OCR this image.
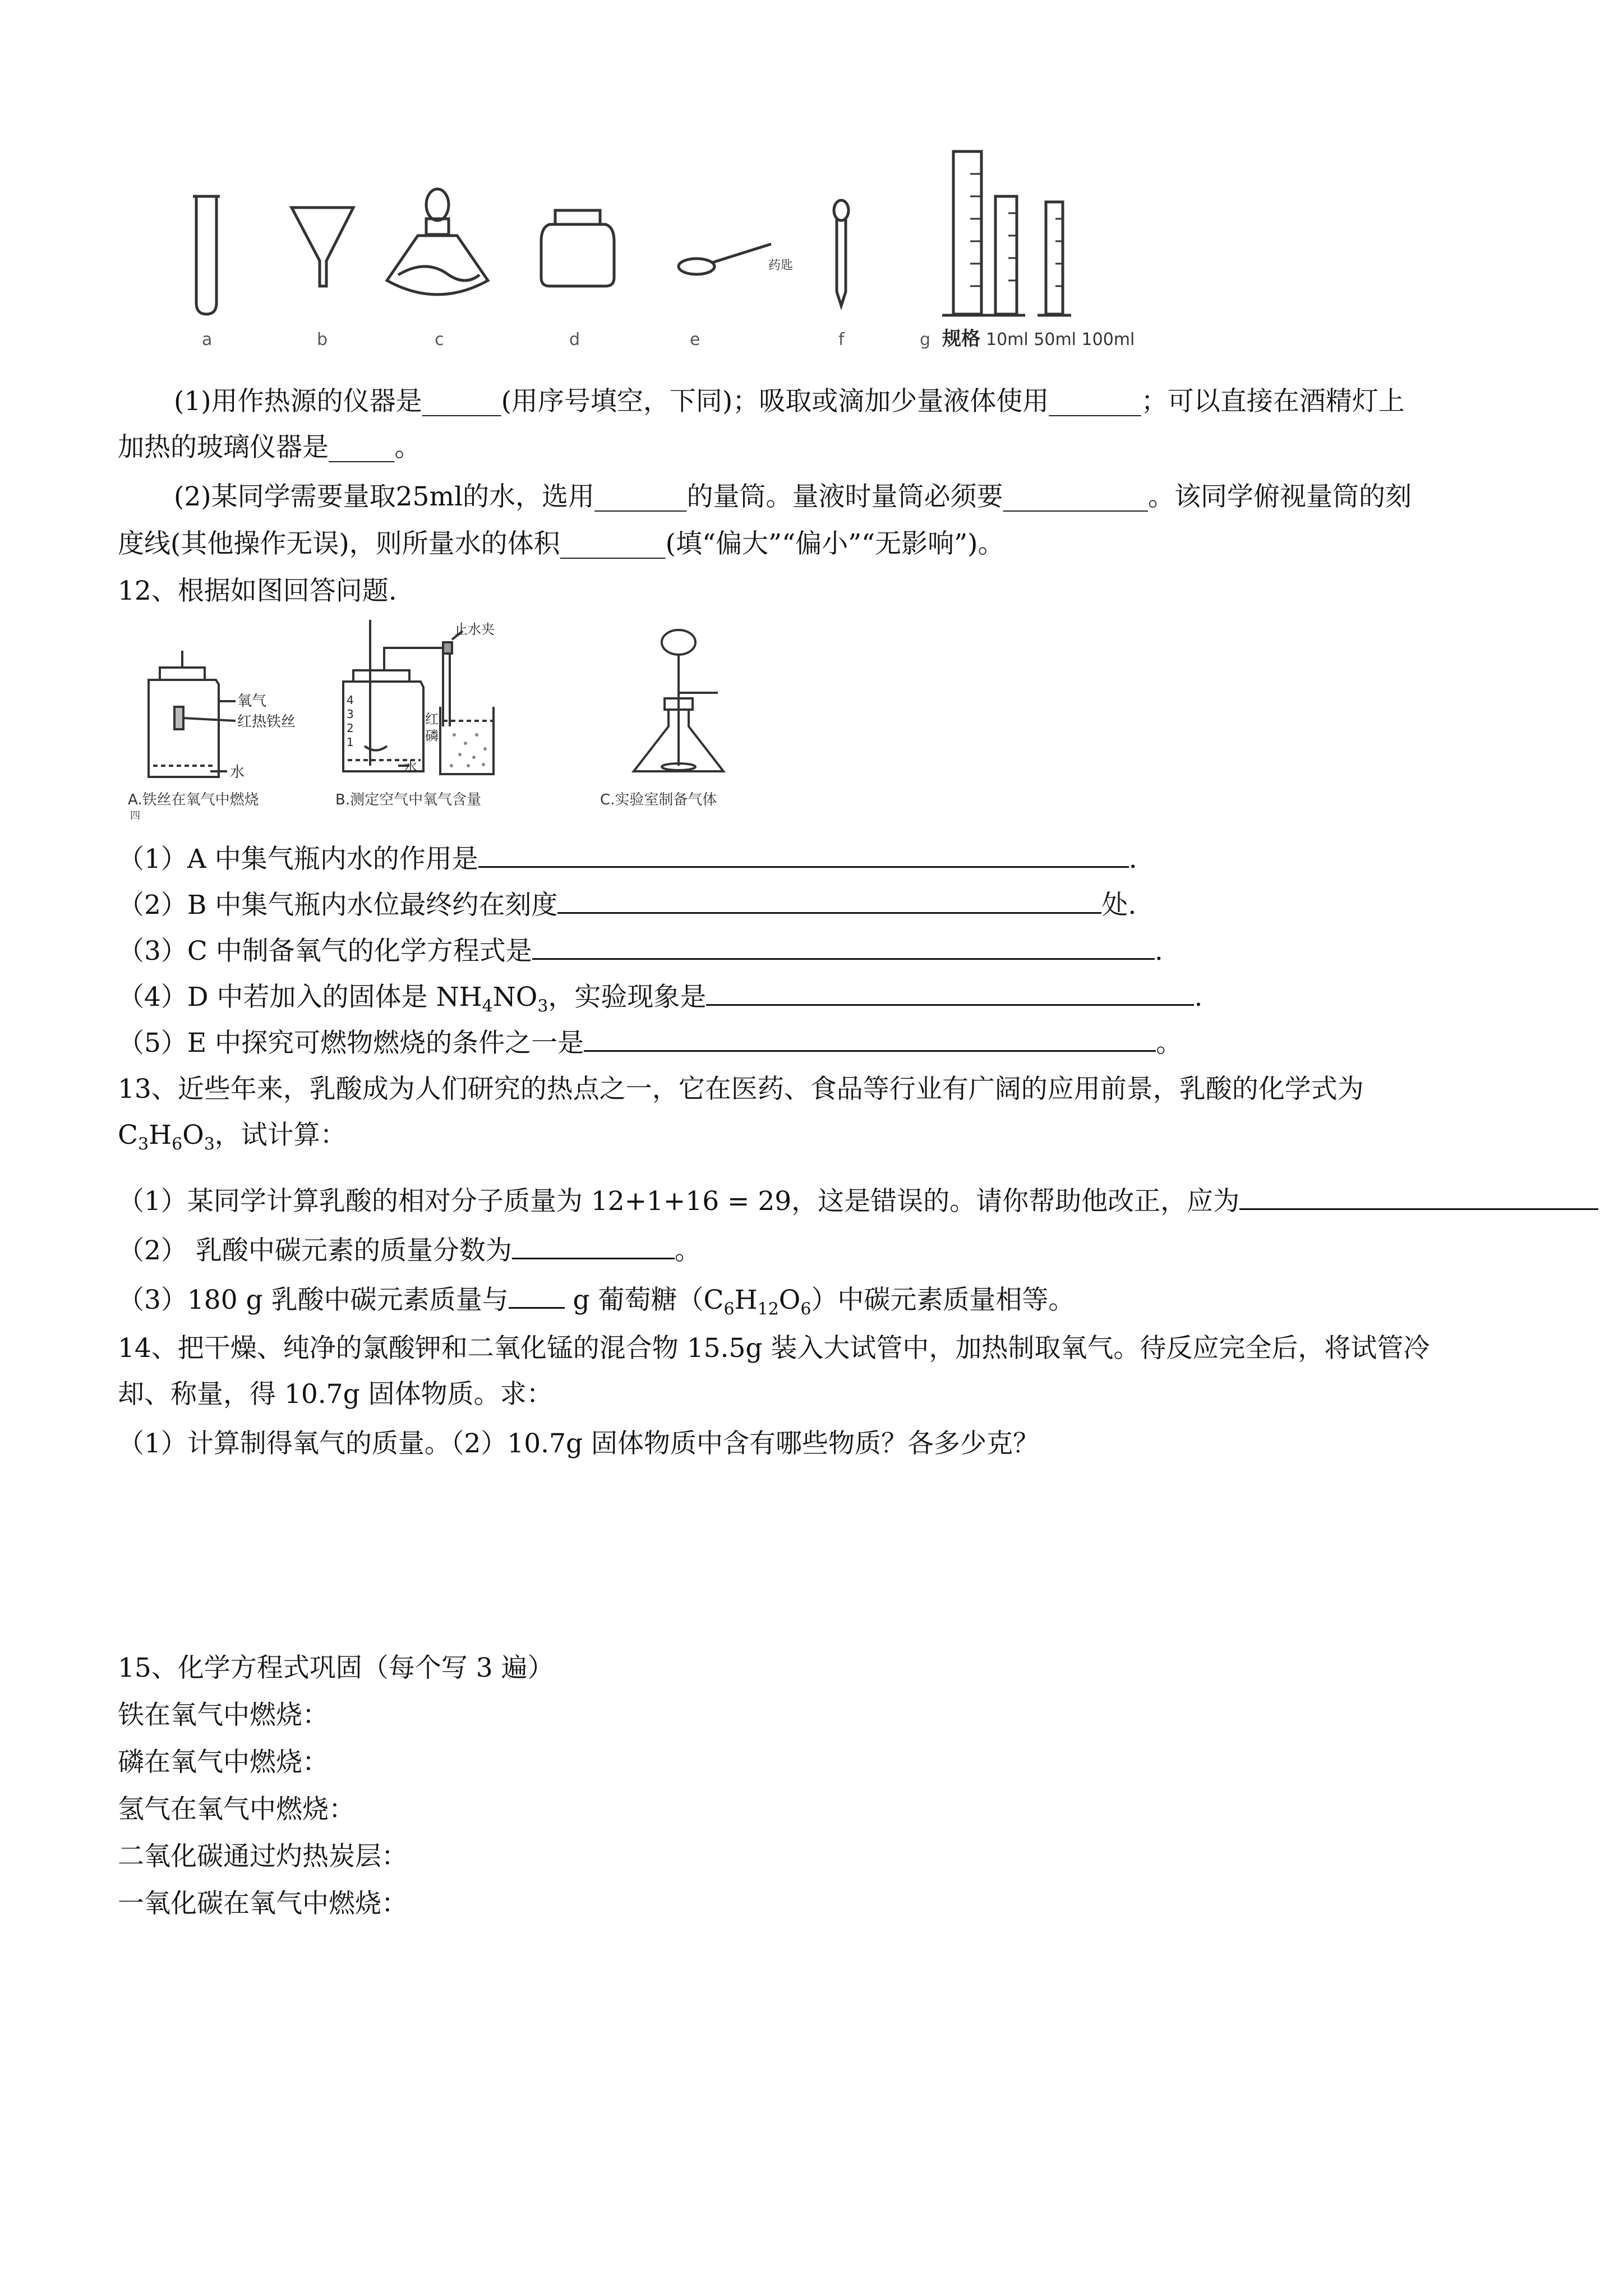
药匙
a	b	c	d	e	f	g 规格 10ml 50ml 100ml
(1)用作热源的仪器是______(用序号填空，下同)；吸取或滴加少量液体使用_______；可以直接在酒精灯上
加热的玻璃仪器是_____。
(2)某同学需要量取25ml的水，选用_______的量筒。量液时量筒必须要___________。该同学俯视量筒的刻
度线(其他操作无误)，则所量水的体积________(填“偏大”“偏小”“无影响”)。
12、根据如图回答问题.
氧气
红热铁丝
水
A.铁丝在氧气中燃烧
四
止水夹
红
磷
水
4
3
2
1
B.测定空气中氧气含量	C.实验室制备气体
（1）A 中集气瓶内水的作用是	.
（2）B 中集气瓶内水位最终约在刻度	处.
（3）C 中制备氧气的化学方程式是	.
（4）D 中若加入的固体是 $NH_4NO_3$，实验现象是	.
（5）E 中探究可燃物燃烧的条件之一是	。
13、近些年来，乳酸成为人们研究的热点之一，它在医药、食品等行业有广阔的应用前景，乳酸的化学式为
$C_3H_6O_3$，试计算：
（1）某同学计算乳酸的相对分子质量为 12+1+16 = 29，这是错误的。请你帮助他改正，应为
（2） 乳酸中碳元素的质量分数为	。
（3）180 g 乳酸中碳元素质量与 g 葡萄糖$(C_6H_{12}O_6)$中碳元素质量相等。
14、把干燥、纯净的氯酸钾和二氧化锰的混合物 15.5g 装入大试管中，加热制取氧气。待反应完全后，将试管冷
却、称量，得 10.7g 固体物质。求：
（1）计算制得氧气的质量。（2）10.7g 固体物质中含有哪些物质？各多少克？
15、化学方程式巩固（每个写 3 遍）
铁在氧气中燃烧：
磷在氧气中燃烧：
氢气在氧气中燃烧：
二氧化碳通过灼热炭层：
一氧化碳在氧气中燃烧：
